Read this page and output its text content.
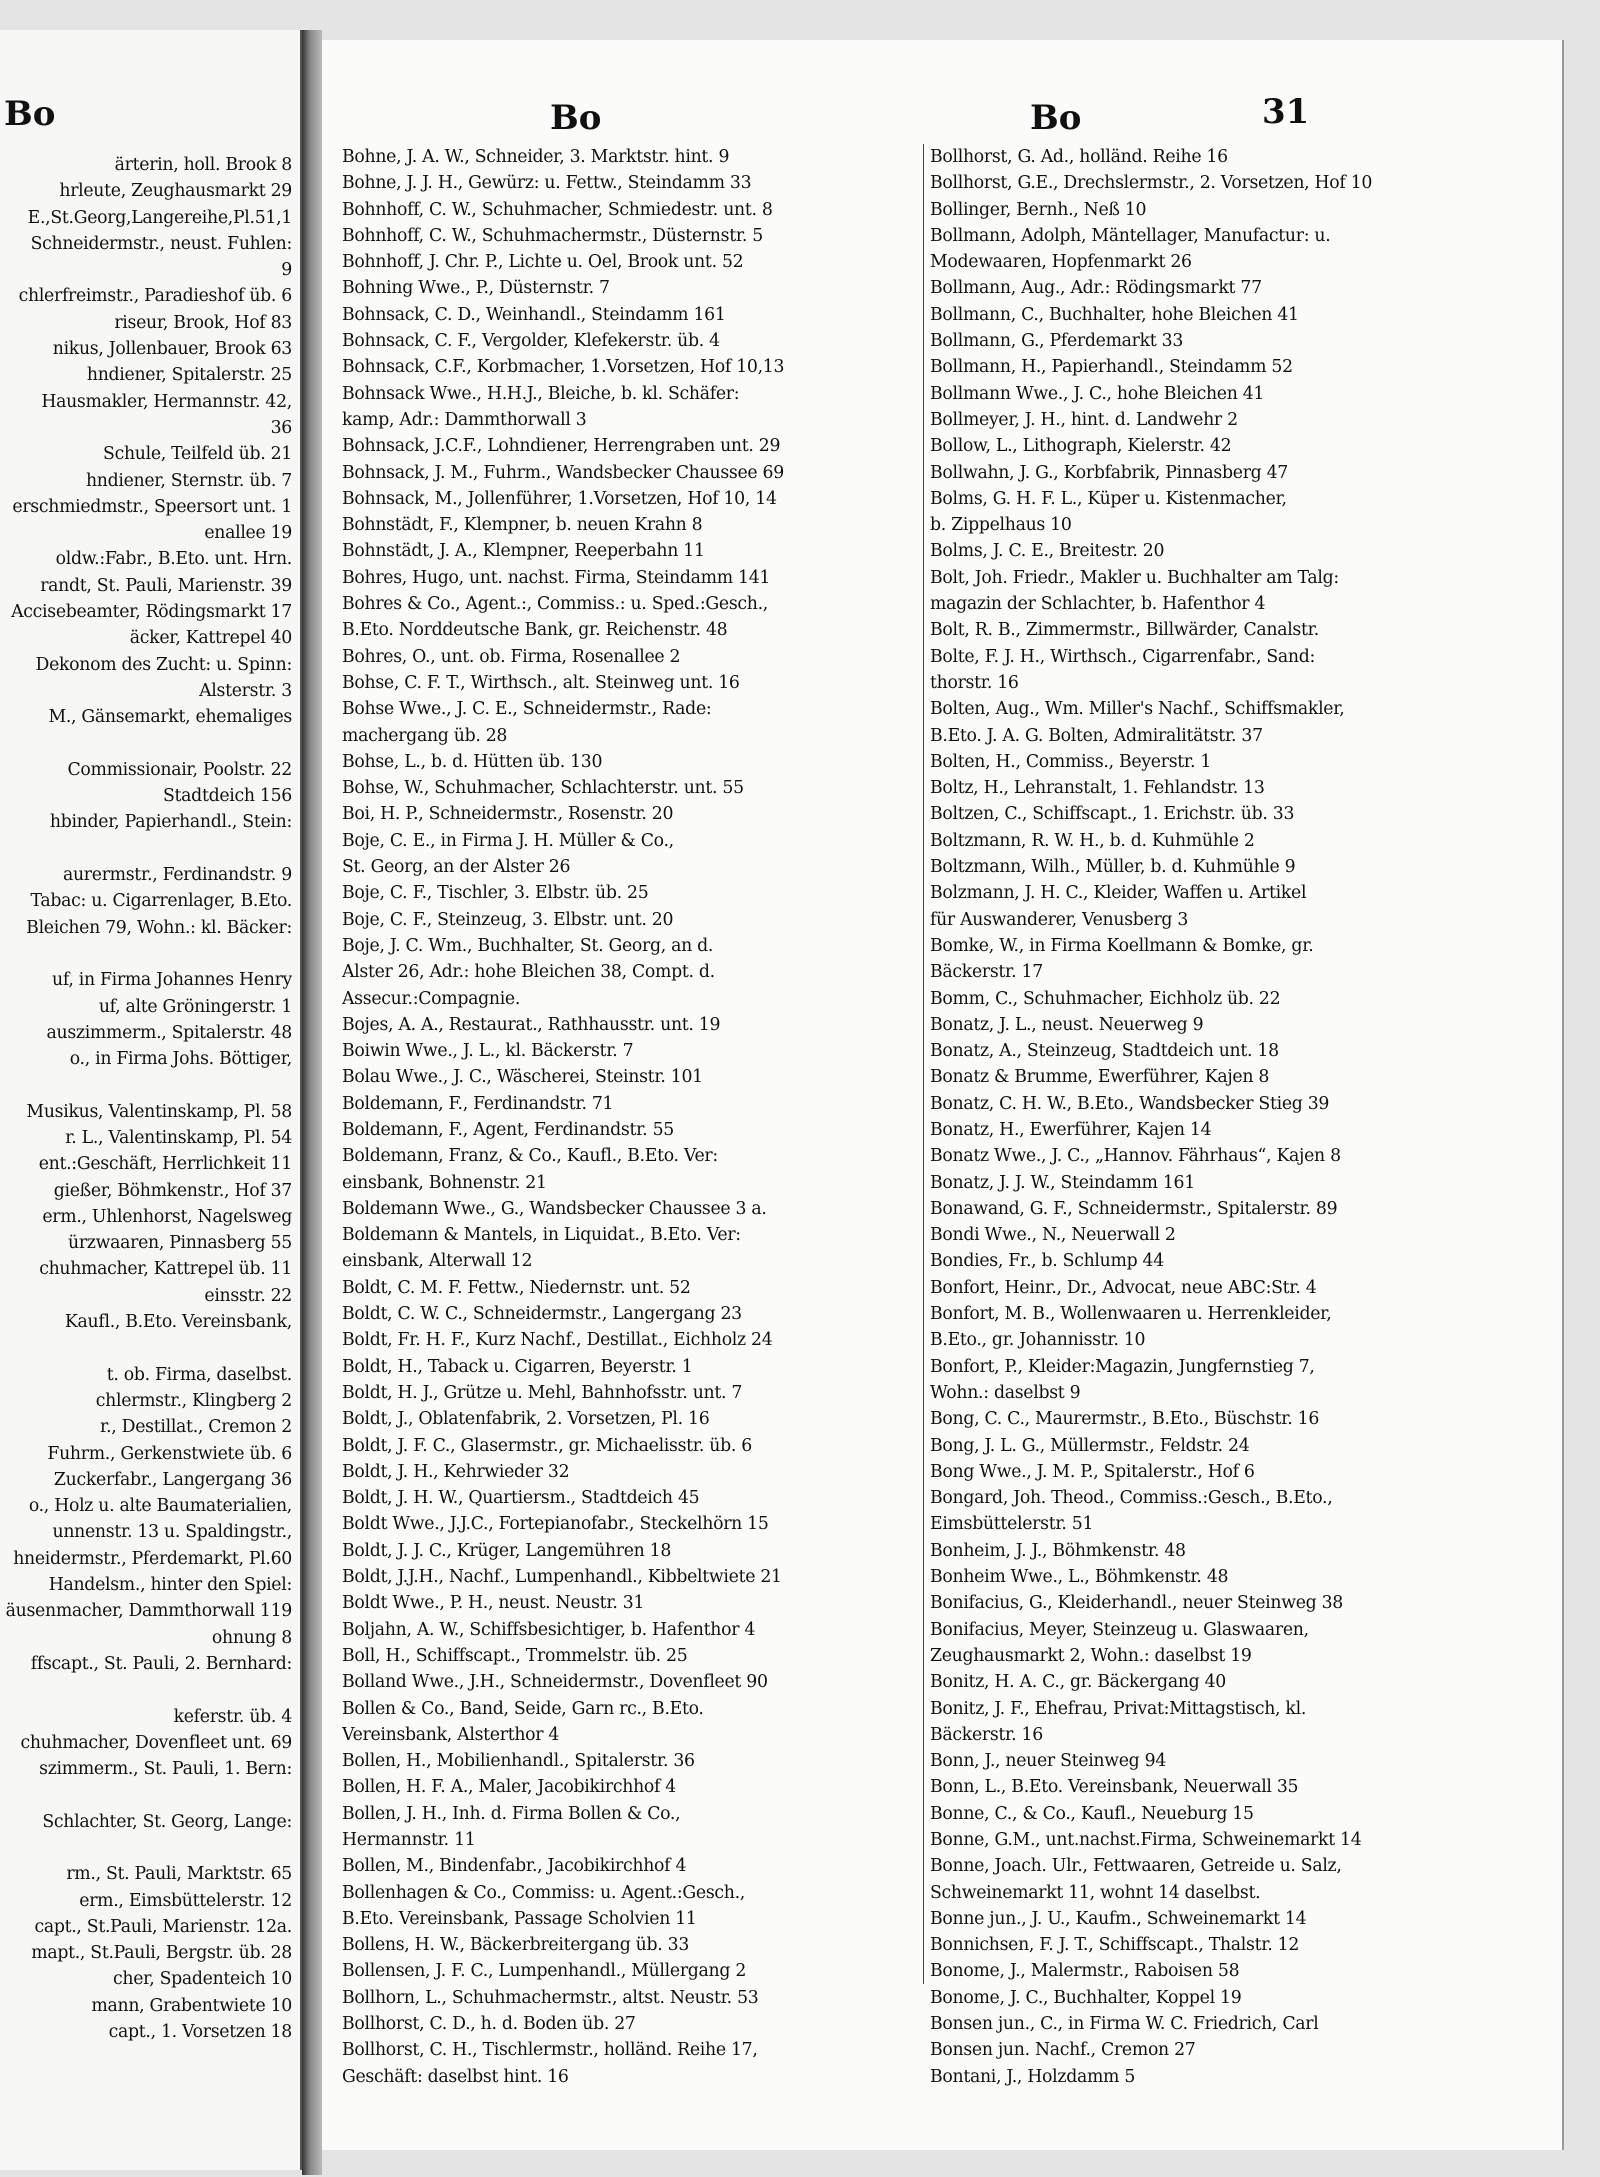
Bo
ärterin, holl. Brook 8
hrleute, Zeughausmarkt 29
E.,St.Georg,Langereihe,Pl.51,1
Schneidermstr., neust. Fuhlen:
9
chlerfreimstr., Paradieshof üb. 6
riseur, Brook, Hof 83
nikus, Jollenbauer, Brook 63
hndiener, Spitalerstr. 25
Hausmakler, Hermannstr. 42,
36
Schule, Teilfeld üb. 21
hndiener, Sternstr. üb. 7
erschmiedmstr., Speersort unt. 1
enallee 19
oldw.:Fabr., B.Eto. unt. Hrn.
randt, St. Pauli, Marienstr. 39
Accisebeamter, Rödingsmarkt 17
äcker, Kattrepel 40
Dekonom des Zucht: u. Spinn:
Alsterstr. 3
M., Gänsemarkt, ehemaliges
Commissionair, Poolstr. 22
Stadtdeich 156
hbinder, Papierhandl., Stein:
aurermstr., Ferdinandstr. 9
Tabac: u. Cigarrenlager, B.Eto.
Bleichen 79, Wohn.: kl. Bäcker:
uf, in Firma Johannes Henry
uf, alte Gröningerstr. 1
auszimmerm., Spitalerstr. 48
o., in Firma Johs. Böttiger,
Musikus, Valentinskamp, Pl. 58
r. L., Valentinskamp, Pl. 54
ent.:Geschäft, Herrlichkeit 11
gießer, Böhmkenstr., Hof 37
erm., Uhlenhorst, Nagelsweg
ürzwaaren, Pinnasberg 55
chuhmacher, Kattrepel üb. 11
einsstr. 22
Kaufl., B.Eto. Vereinsbank,
t. ob. Firma, daselbst.
chlermstr., Klingberg 2
r., Destillat., Cremon 2
Fuhrm., Gerkenstwiete üb. 6
Zuckerfabr., Langergang 36
o., Holz u. alte Baumaterialien,
unnenstr. 13 u. Spaldingstr.,
hneidermstr., Pferdemarkt, Pl.60
Handelsm., hinter den Spiel:
äusenmacher, Dammthorwall 119
ohnung 8
ffscapt., St. Pauli, 2. Bernhard:
keferstr. üb. 4
chuhmacher, Dovenfleet unt. 69
szimmerm., St. Pauli, 1. Bern:
Schlachter, St. Georg, Lange:
rm., St. Pauli, Marktstr. 65
erm., Eimsbüttelerstr. 12
capt., St.Pauli, Marienstr. 12a.
mapt., St.Pauli, Bergstr. üb. 28
cher, Spadenteich 10
mann, Grabentwiete 10
capt., 1. Vorsetzen 18
Bo	Bo	31
Bohne, J. A. W., Schneider, 3. Marktstr. hint. 9
Bohne, J. J. H., Gewürz: u. Fettw., Steindamm 33
Bohnhoff, C. W., Schuhmacher, Schmiedestr. unt. 8
Bohnhoff, C. W., Schuhmachermstr., Düsternstr. 5
Bohnhoff, J. Chr. P., Lichte u. Oel, Brook unt. 52
Bohning Wwe., P., Düsternstr. 7
Bohnsack, C. D., Weinhandl., Steindamm 161
Bohnsack, C. F., Vergolder, Klefekerstr. üb. 4
Bohnsack, C.F., Korbmacher, 1.Vorsetzen, Hof 10,13
Bohnsack Wwe., H.H.J., Bleiche, b. kl. Schäfer:
kamp, Adr.: Dammthorwall 3
Bohnsack, J.C.F., Lohndiener, Herrengraben unt. 29
Bohnsack, J. M., Fuhrm., Wandsbecker Chaussee 69
Bohnsack, M., Jollenführer, 1.Vorsetzen, Hof 10, 14
Bohnstädt, F., Klempner, b. neuen Krahn 8
Bohnstädt, J. A., Klempner, Reeperbahn 11
Bohres, Hugo, unt. nachst. Firma, Steindamm 141
Bohres & Co., Agent.:, Commiss.: u. Sped.:Gesch.,
B.Eto. Norddeutsche Bank, gr. Reichenstr. 48
Bohres, O., unt. ob. Firma, Rosenallee 2
Bohse, C. F. T., Wirthsch., alt. Steinweg unt. 16
Bohse Wwe., J. C. E., Schneidermstr., Rade:
machergang üb. 28
Bohse, L., b. d. Hütten üb. 130
Bohse, W., Schuhmacher, Schlachterstr. unt. 55
Boi, H. P., Schneidermstr., Rosenstr. 20
Boje, C. E., in Firma J. H. Müller & Co.,
St. Georg, an der Alster 26
Boje, C. F., Tischler, 3. Elbstr. üb. 25
Boje, C. F., Steinzeug, 3. Elbstr. unt. 20
Boje, J. C. Wm., Buchhalter, St. Georg, an d.
Alster 26, Adr.: hohe Bleichen 38, Compt. d.
Assecur.:Compagnie.
Bojes, A. A., Restaurat., Rathhausstr. unt. 19
Boiwin Wwe., J. L., kl. Bäckerstr. 7
Bolau Wwe., J. C., Wäscherei, Steinstr. 101
Boldemann, F., Ferdinandstr. 71
Boldemann, F., Agent, Ferdinandstr. 55
Boldemann, Franz, & Co., Kaufl., B.Eto. Ver:
einsbank, Bohnenstr. 21
Boldemann Wwe., G., Wandsbecker Chaussee 3 a.
Boldemann & Mantels, in Liquidat., B.Eto. Ver:
einsbank, Alterwall 12
Boldt, C. M. F. Fettw., Niedernstr. unt. 52
Boldt, C. W. C., Schneidermstr., Langergang 23
Boldt, Fr. H. F., Kurz Nachf., Destillat., Eichholz 24
Boldt, H., Taback u. Cigarren, Beyerstr. 1
Boldt, H. J., Grütze u. Mehl, Bahnhofsstr. unt. 7
Boldt, J., Oblatenfabrik, 2. Vorsetzen, Pl. 16
Boldt, J. F. C., Glasermstr., gr. Michaelisstr. üb. 6
Boldt, J. H., Kehrwieder 32
Boldt, J. H. W., Quartiersm., Stadtdeich 45
Boldt Wwe., J.J.C., Fortepianofabr., Steckelhörn 15
Boldt, J. J. C., Krüger, Langemühren 18
Boldt, J.J.H., Nachf., Lumpenhandl., Kibbeltwiete 21
Boldt Wwe., P. H., neust. Neustr. 31
Boljahn, A. W., Schiffsbesichtiger, b. Hafenthor 4
Boll, H., Schiffscapt., Trommelstr. üb. 25
Bolland Wwe., J.H., Schneidermstr., Dovenfleet 90
Bollen & Co., Band, Seide, Garn rc., B.Eto.
Vereinsbank, Alsterthor 4
Bollen, H., Mobilienhandl., Spitalerstr. 36
Bollen, H. F. A., Maler, Jacobikirchhof 4
Bollen, J. H., Inh. d. Firma Bollen & Co.,
Hermannstr. 11
Bollen, M., Bindenfabr., Jacobikirchhof 4
Bollenhagen & Co., Commiss: u. Agent.:Gesch.,
B.Eto. Vereinsbank, Passage Scholvien 11
Bollens, H. W., Bäckerbreitergang üb. 33
Bollensen, J. F. C., Lumpenhandl., Müllergang 2
Bollhorn, L., Schuhmachermstr., altst. Neustr. 53
Bollhorst, C. D., h. d. Boden üb. 27
Bollhorst, C. H., Tischlermstr., holländ. Reihe 17,
Geschäft: daselbst hint. 16
Bollhorst, G. Ad., holländ. Reihe 16
Bollhorst, G.E., Drechslermstr., 2. Vorsetzen, Hof 10
Bollinger, Bernh., Neß 10
Bollmann, Adolph, Mäntellager, Manufactur: u.
Modewaaren, Hopfenmarkt 26
Bollmann, Aug., Adr.: Rödingsmarkt 77
Bollmann, C., Buchhalter, hohe Bleichen 41
Bollmann, G., Pferdemarkt 33
Bollmann, H., Papierhandl., Steindamm 52
Bollmann Wwe., J. C., hohe Bleichen 41
Bollmeyer, J. H., hint. d. Landwehr 2
Bollow, L., Lithograph, Kielerstr. 42
Bollwahn, J. G., Korbfabrik, Pinnasberg 47
Bolms, G. H. F. L., Küper u. Kistenmacher,
b. Zippelhaus 10
Bolms, J. C. E., Breitestr. 20
Bolt, Joh. Friedr., Makler u. Buchhalter am Talg:
magazin der Schlachter, b. Hafenthor 4
Bolt, R. B., Zimmermstr., Billwärder, Canalstr.
Bolte, F. J. H., Wirthsch., Cigarrenfabr., Sand:
thorstr. 16
Bolten, Aug., Wm. Miller's Nachf., Schiffsmakler,
B.Eto. J. A. G. Bolten, Admiralitätstr. 37
Bolten, H., Commiss., Beyerstr. 1
Boltz, H., Lehranstalt, 1. Fehlandstr. 13
Boltzen, C., Schiffscapt., 1. Erichstr. üb. 33
Boltzmann, R. W. H., b. d. Kuhmühle 2
Boltzmann, Wilh., Müller, b. d. Kuhmühle 9
Bolzmann, J. H. C., Kleider, Waffen u. Artikel
für Auswanderer, Venusberg 3
Bomke, W., in Firma Koellmann & Bomke, gr.
Bäckerstr. 17
Bomm, C., Schuhmacher, Eichholz üb. 22
Bonatz, J. L., neust. Neuerweg 9
Bonatz, A., Steinzeug, Stadtdeich unt. 18
Bonatz & Brumme, Ewerführer, Kajen 8
Bonatz, C. H. W., B.Eto., Wandsbecker Stieg 39
Bonatz, H., Ewerführer, Kajen 14
Bonatz Wwe., J. C., „Hannov. Fährhaus“, Kajen 8
Bonatz, J. J. W., Steindamm 161
Bonawand, G. F., Schneidermstr., Spitalerstr. 89
Bondi Wwe., N., Neuerwall 2
Bondies, Fr., b. Schlump 44
Bonfort, Heinr., Dr., Advocat, neue ABC:Str. 4
Bonfort, M. B., Wollenwaaren u. Herrenkleider,
B.Eto., gr. Johannisstr. 10
Bonfort, P., Kleider:Magazin, Jungfernstieg 7,
Wohn.: daselbst 9
Bong, C. C., Maurermstr., B.Eto., Büschstr. 16
Bong, J. L. G., Müllermstr., Feldstr. 24
Bong Wwe., J. M. P., Spitalerstr., Hof 6
Bongard, Joh. Theod., Commiss.:Gesch., B.Eto.,
Eimsbüttelerstr. 51
Bonheim, J. J., Böhmkenstr. 48
Bonheim Wwe., L., Böhmkenstr. 48
Bonifacius, G., Kleiderhandl., neuer Steinweg 38
Bonifacius, Meyer, Steinzeug u. Glaswaaren,
Zeughausmarkt 2, Wohn.: daselbst 19
Bonitz, H. A. C., gr. Bäckergang 40
Bonitz, J. F., Ehefrau, Privat:Mittagstisch, kl.
Bäckerstr. 16
Bonn, J., neuer Steinweg 94
Bonn, L., B.Eto. Vereinsbank, Neuerwall 35
Bonne, C., & Co., Kaufl., Neueburg 15
Bonne, G.M., unt.nachst.Firma, Schweinemarkt 14
Bonne, Joach. Ulr., Fettwaaren, Getreide u. Salz,
Schweinemarkt 11, wohnt 14 daselbst.
Bonne jun., J. U., Kaufm., Schweinemarkt 14
Bonnichsen, F. J. T., Schiffscapt., Thalstr. 12
Bonome, J., Malermstr., Raboisen 58
Bonome, J. C., Buchhalter, Koppel 19
Bonsen jun., C., in Firma W. C. Friedrich, Carl
Bonsen jun. Nachf., Cremon 27
Bontani, J., Holzdamm 5
